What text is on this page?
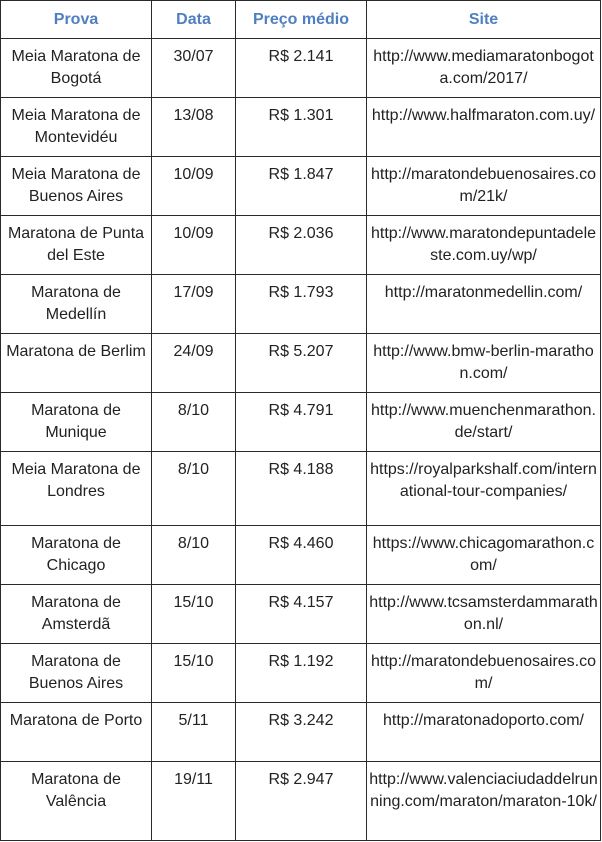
Prova	Data	Preço médio	Site
Meia Maratona de Bogotá	30/07	R$ 2.141	http://www.mediamaratonbogota.com/2017/
Meia Maratona de Montevidéu	13/08	R$ 1.301	http://www.halfmaraton.com.uy/
Meia Maratona de Buenos Aires	10/09	R$ 1.847	http://maratondebuenosaires.com/21k/
Maratona de Punta del Este	10/09	R$ 2.036	http://www.maratondepuntadeleste.com.uy/wp/
Maratona de Medellín	17/09	R$ 1.793	http://maratonmedellin.com/
Maratona de Berlim	24/09	R$ 5.207	http://www.bmw-berlin-marathon.com/
Maratona de Munique	8/10	R$ 4.791	http://www.muenchenmarathon.de/start/
Meia Maratona de Londres	8/10	R$ 4.188	https://royalparkshalf.com/international-tour-companies/
Maratona de Chicago	8/10	R$ 4.460	https://www.chicagomarathon.com/
Maratona de Amsterdã	15/10	R$ 4.157	http://www.tcsamsterdammarathon.nl/
Maratona de Buenos Aires	15/10	R$ 1.192	http://maratondebuenosaires.com/
Maratona de Porto	5/11	R$ 3.242	http://maratonadoporto.com/
Maratona de Valência	19/11	R$ 2.947	http://www.valenciaciudaddelrunning.com/maraton/maraton-10k/
